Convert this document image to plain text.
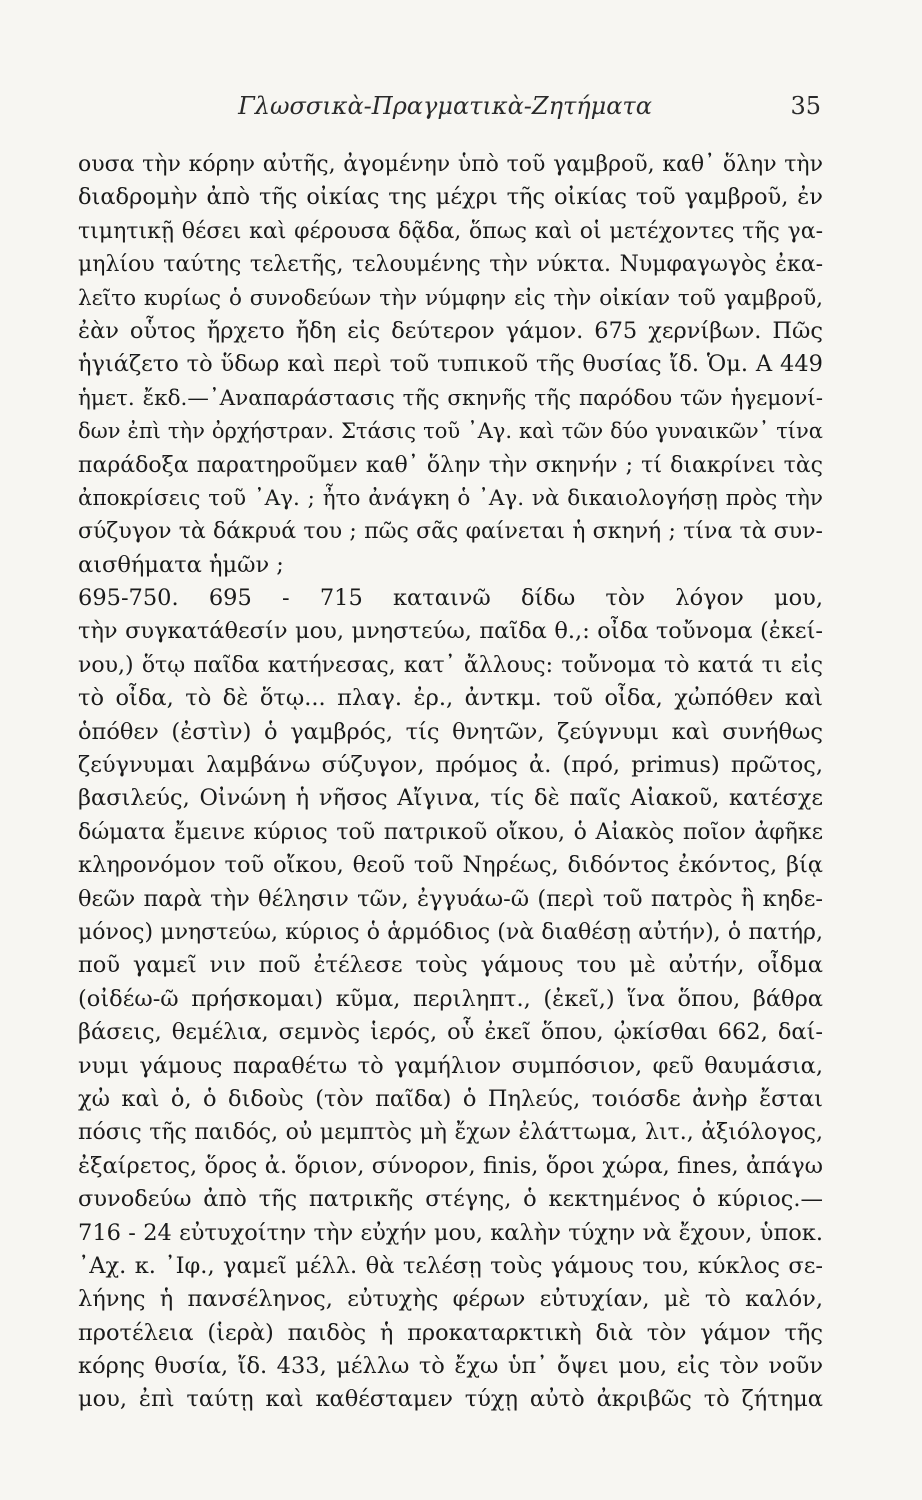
Γλωσσικὰ-Πραγματικὰ-Ζητήματα	35
ουσα τὴν κόρην αὐτῆς, ἀγομένην ὑπὸ τοῦ γαμβροῦ, καθ᾽ ὅλην τὴν
διαδρομὴν ἀπὸ τῆς οἰκίας της μέχρι τῆς οἰκίας τοῦ γαμβροῦ, ἐν
τιμητικῇ θέσει καὶ φέρουσα δᾷδα, ὅπως καὶ οἱ μετέχοντες τῆς γα-
μηλίου ταύτης τελετῆς, τελουμένης τὴν νύκτα. Νυμφαγωγὸς ἐκα-
λεῖτο κυρίως ὁ συνοδεύων τὴν νύμφην εἰς τὴν οἰκίαν τοῦ γαμβροῦ,
ἐὰν οὗτος ἤρχετο ἤδη εἰς δεύτερον γάμον. 675 χερνίβων. Πῶς
ἡγιάζετο τὸ ὕδωρ καὶ περὶ τοῦ τυπικοῦ τῆς θυσίας ἴδ. Ὁμ. Α 449
ἡμετ. ἔκδ.—᾽Αναπαράστασις τῆς σκηνῆς τῆς παρόδου τῶν ἡγεμονί-
δων ἐπὶ τὴν ὀρχήστραν. Στάσις τοῦ ᾽Αγ. καὶ τῶν δύο γυναικῶν᾽ τίνα
παράδοξα παρατηροῦμεν καθ᾽ ὅλην τὴν σκηνήν ; τί διακρίνει τὰς
ἀποκρίσεις τοῦ ᾽Αγ. ; ἦτο ἀνάγκη ὁ ᾽Αγ. νὰ δικαιολογήσῃ πρὸς τὴν
σύζυγον τὰ δάκρυά του ; πῶς σᾶς φαίνεται ἡ σκηνή ; τίνα τὰ συν-
αισθήματα ἡμῶν ;
695-750. 695 - 715 καταινῶ δίδω τὸν λόγον μου,
τὴν συγκατάθεσίν μου, μνηστεύω, παῖδα θ.,: οἶδα τοὔνομα (ἐκεί-
νου,) ὅτῳ παῖδα κατήνεσας, κατ᾽ ἄλλους: τοὔνομα τὸ κατά τι εἰς
τὸ οἶδα, τὸ δὲ ὅτῳ... πλαγ. ἐρ., ἀντκμ. τοῦ οἶδα, χὠπόθεν καὶ
ὁπόθεν (ἐστὶν) ὁ γαμβρός, τίς θνητῶν, ζεύγνυμι καὶ συνήθως
ζεύγνυμαι λαμβάνω σύζυγον, πρόμος ἀ. (πρό, primus) πρῶτος,
βασιλεύς, Οἰνώνη ἡ νῆσος Αἴγινα, τίς δὲ παῖς Αἰακοῦ, κατέσχε
δώματα ἔμεινε κύριος τοῦ πατρικοῦ οἴκου, ὁ Αἰακὸς ποῖον ἀφῆκε
κληρονόμον τοῦ οἴκου, θεοῦ τοῦ Νηρέως, διδόντος ἐκόντος, βίᾳ
θεῶν παρὰ τὴν θέλησιν τῶν, ἐγγυάω-ῶ (περὶ τοῦ πατρὸς ἢ κηδε-
μόνος) μνηστεύω, κύριος ὁ ἁρμόδιος (νὰ διαθέσῃ αὐτήν), ὁ πατήρ,
ποῦ γαμεῖ νιν ποῦ ἐτέλεσε τοὺς γάμους του μὲ αὐτήν, οἶδμα
(οἰδέω-ῶ πρήσκομαι) κῦμα, περιληπτ., (ἐκεῖ,) ἵνα ὅπου, βάθρα
βάσεις, θεμέλια, σεμνὸς ἱερός, οὗ ἐκεῖ ὅπου, ᾠκίσθαι 662, δαί-
νυμι γάμους παραθέτω τὸ γαμήλιον συμπόσιον, φεῦ θαυμάσια,
χὠ καὶ ὁ, ὁ διδοὺς (τὸν παῖδα) ὁ Πηλεύς, τοιόσδε ἀνὴρ ἔσται
πόσις τῆς παιδός, οὐ μεμπτὸς μὴ ἔχων ἐλάττωμα, λιτ., ἀξιόλογος,
ἐξαίρετος, ὅρος ἀ. ὅριον, σύνορον, finis, ὅροι χώρα, fines, ἀπάγω
συνοδεύω ἀπὸ τῆς πατρικῆς στέγης, ὁ κεκτημένος ὁ κύριος.—
716 - 24 εὐτυχοίτην τὴν εὐχήν μου, καλὴν τύχην νὰ ἔχουν, ὑποκ.
᾽Αχ. κ. ᾽Ιφ., γαμεῖ μέλλ. θὰ τελέσῃ τοὺς γάμους του, κύκλος σε-
λήνης ἡ πανσέληνος, εὐτυχὴς φέρων εὐτυχίαν, μὲ τὸ καλόν,
προτέλεια (ἱερὰ) παιδὸς ἡ προκαταρκτικὴ διὰ τὸν γάμον τῆς
κόρης θυσία, ἴδ. 433, μέλλω τὸ ἔχω ὑπ᾽ ὄψει μου, εἰς τὸν νοῦν
μου, ἐπὶ ταύτῃ καὶ καθέσταμεν τύχῃ αὐτὸ ἀκριβῶς τὸ ζήτημα
